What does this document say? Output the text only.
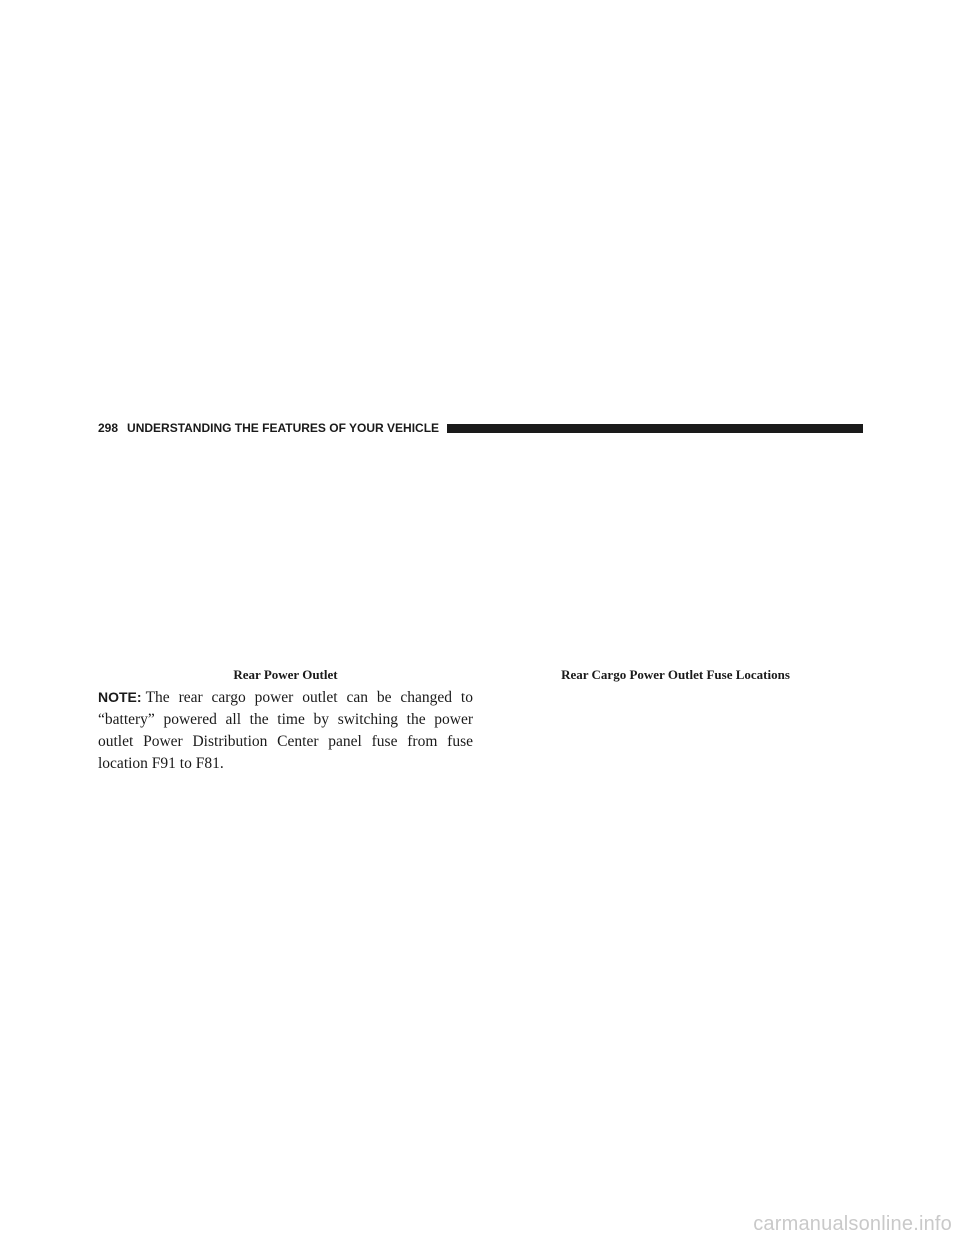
298 UNDERSTANDING THE FEATURES OF YOUR VEHICLE
Rear Power Outlet	Rear Cargo Power Outlet Fuse Locations
NOTE: The rear cargo power outlet can be changed to “battery” powered all the time by switching the power outlet Power Distribution Center panel fuse from fuse location F91 to F81.
carmanualsonline.info
